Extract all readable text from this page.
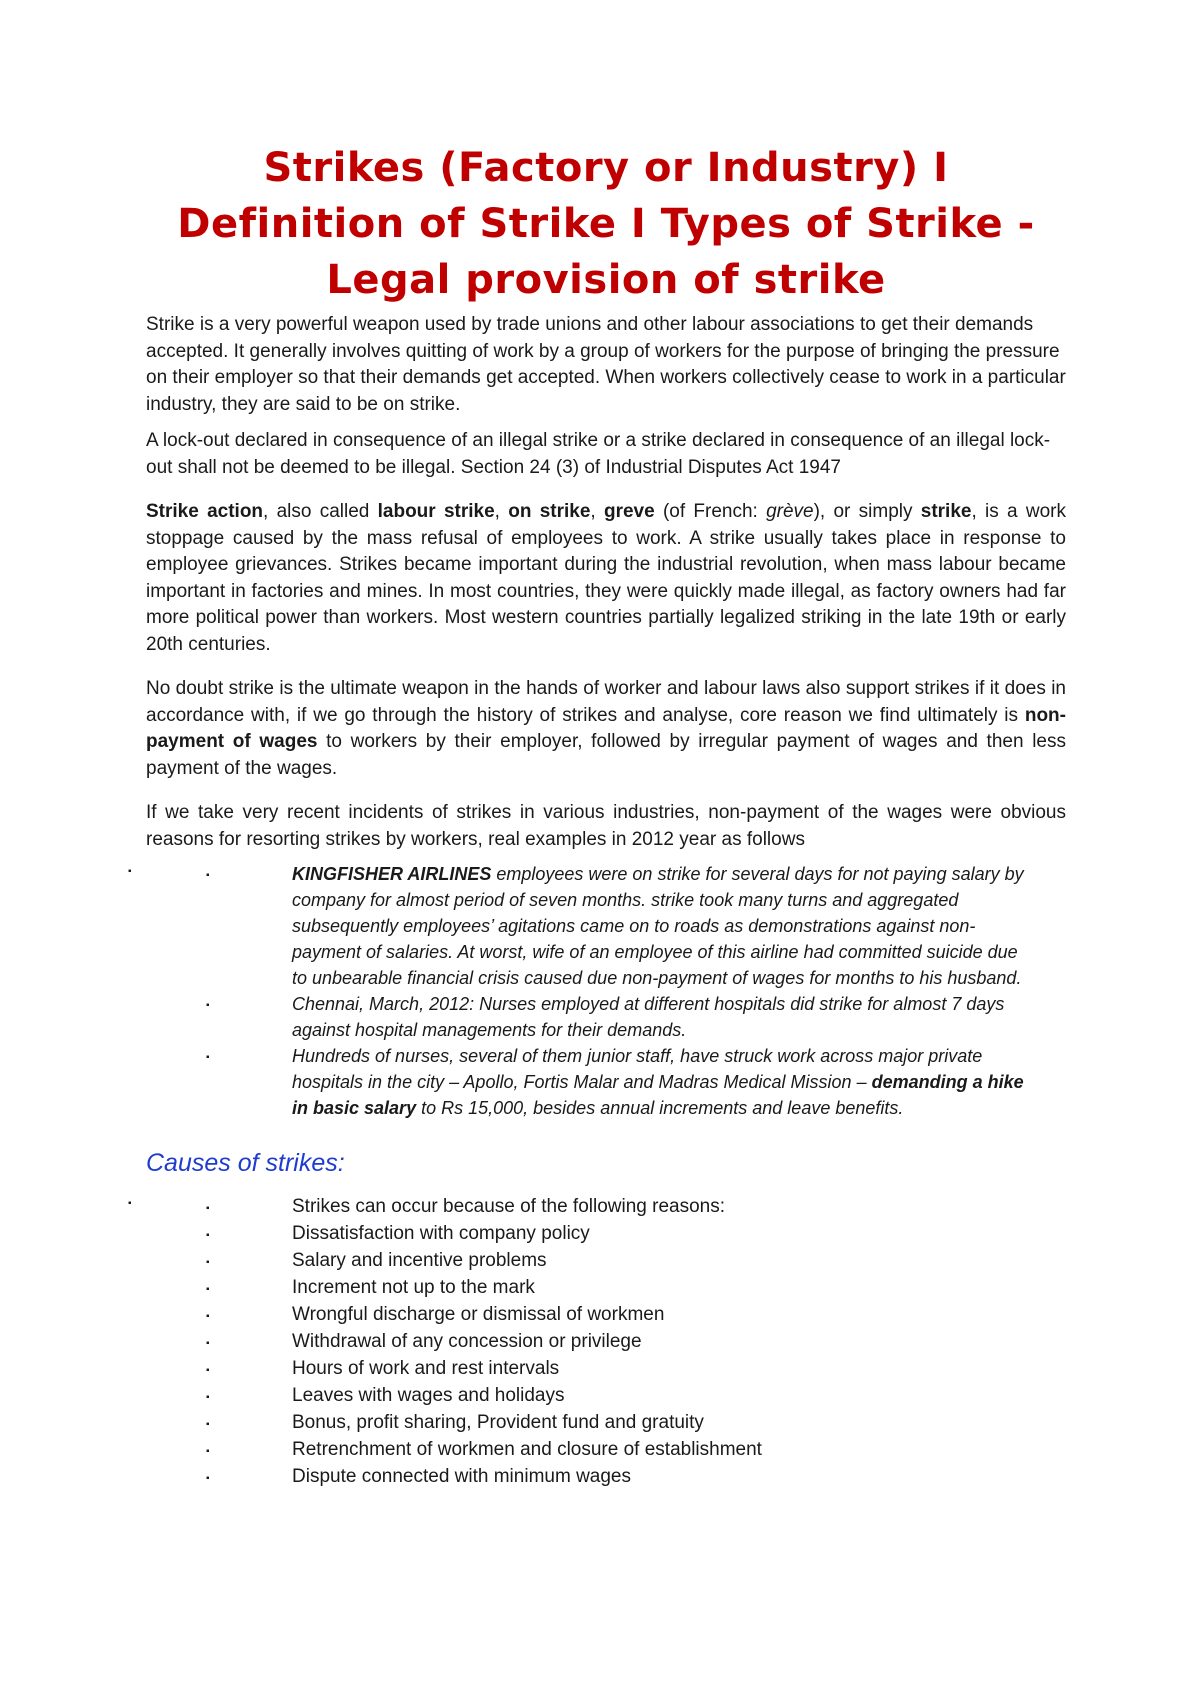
Strikes (Factory or Industry) I
Definition of Strike I Types of Strike -
Legal provision of strike

Strike is a very powerful weapon used by trade unions and other labour associations to get their demands accepted. It generally involves quitting of work by a group of workers for the purpose of bringing the pressure on their employer so that their demands get accepted. When workers collectively cease to work in a particular industry, they are said to be on strike.

A lock-out declared in consequence of an illegal strike or a strike declared in consequence of an illegal lock-out shall not be deemed to be illegal. Section 24 (3) of Industrial Disputes Act 1947

Strike action, also called labour strike, on strike, greve (of French: grève), or simply strike, is a work stoppage caused by the mass refusal of employees to work. A strike usually takes place in response to employee grievances. Strikes became important during the industrial revolution, when mass labour became important in factories and mines. In most countries, they were quickly made illegal, as factory owners had far more political power than workers. Most western countries partially legalized striking in the late 19th or early 20th centuries.

No doubt strike is the ultimate weapon in the hands of worker and labour laws also support strikes if it does in accordance with, if we go through the history of strikes and analyse, core reason we find ultimately is non-payment of wages to workers by their employer, followed by irregular payment of wages and then less payment of the wages.

If we take very recent incidents of strikes in various industries, non-payment of the wages were obvious reasons for resorting strikes by workers, real examples in 2012 year as follows

▪
▪
KINGFISHER AIRLINES employees were on strike for several days for not paying salary by company for almost period of seven months. strike took many turns and aggregated subsequently employees’ agitations came on to roads as demonstrations against non-payment of salaries. At worst, wife of an employee of this airline had committed suicide due to unbearable financial crisis caused due non-payment of wages for months to his husband.
▪
Chennai, March, 2012: Nurses employed at different hospitals did strike for almost 7 days against hospital managements for their demands.
▪
Hundreds of nurses, several of them junior staff, have struck work across major private hospitals in the city – Apollo, Fortis Malar and Madras Medical Mission – demanding a hike in basic salary to Rs 15,000, besides annual increments and leave benefits.
Causes of strikes:
▪
▪
Strikes can occur because of the following reasons:
▪
Dissatisfaction with company policy
▪
Salary and incentive problems
▪
Increment not up to the mark
▪
Wrongful discharge or dismissal of workmen
▪
Withdrawal of any concession or privilege
▪
Hours of work and rest intervals
▪
Leaves with wages and holidays
▪
Bonus, profit sharing, Provident fund and gratuity
▪
Retrenchment of workmen and closure of establishment
▪
Dispute connected with minimum wages
